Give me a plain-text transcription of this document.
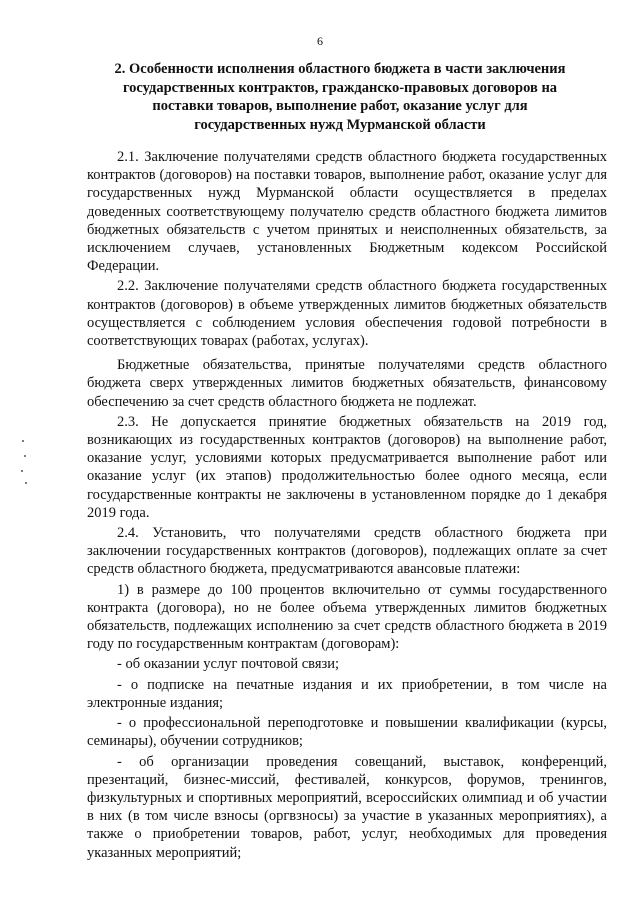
6
2. Особенности исполнения областного бюджета в части заключения государственных контрактов, гражданско-правовых договоров на поставки товаров, выполнение работ, оказание услуг для государственных нужд Мурманской области

2.1. Заключение получателями средств областного бюджета государственных контрактов (договоров) на поставки товаров, выполнение работ, оказание услуг для государственных нужд Мурманской области осуществляется в пределах доведенных соответствующему получателю средств областного бюджета лимитов бюджетных обязательств с учетом принятых и неисполненных обязательств, за исключением случаев, установленных Бюджетным кодексом Российской Федерации.

2.2. Заключение получателями средств областного бюджета государственных контрактов (договоров) в объеме утвержденных лимитов бюджетных обязательств осуществляется с соблюдением условия обеспечения годовой потребности в соответствующих товарах (работах, услугах).

Бюджетные обязательства, принятые получателями средств областного бюджета сверх утвержденных лимитов бюджетных обязательств, финансовому обеспечению за счет средств областного бюджета не подлежат.

2.3. Не допускается принятие бюджетных обязательств на 2019 год, возникающих из государственных контрактов (договоров) на выполнение работ, оказание услуг, условиями которых предусматривается выполнение работ или оказание услуг (их этапов) продолжительностью более одного месяца, если государственные контракты не заключены в установленном порядке до 1 декабря 2019 года.

2.4. Установить, что получателями средств областного бюджета при заключении государственных контрактов (договоров), подлежащих оплате за счет средств областного бюджета, предусматриваются авансовые платежи:

1) в размере до 100 процентов включительно от суммы государственного контракта (договора), но не более объема утвержденных лимитов бюджетных обязательств, подлежащих исполнению за счет средств областного бюджета в 2019 году по государственным контрактам (договорам):

- об оказании услуг почтовой связи;

- о подписке на печатные издания и их приобретении, в том числе на электронные издания;

- о профессиональной переподготовке и повышении квалификации (курсы, семинары), обучении сотрудников;

- об организации проведения совещаний, выставок, конференций, презентаций, бизнес-миссий, фестивалей, конкурсов, форумов, тренингов, физкультурных и спортивных мероприятий, всероссийских олимпиад и об участии в них (в том числе взносы (оргвзносы) за участие в указанных мероприятиях), а также о приобретении товаров, работ, услуг, необходимых для проведения указанных мероприятий;
